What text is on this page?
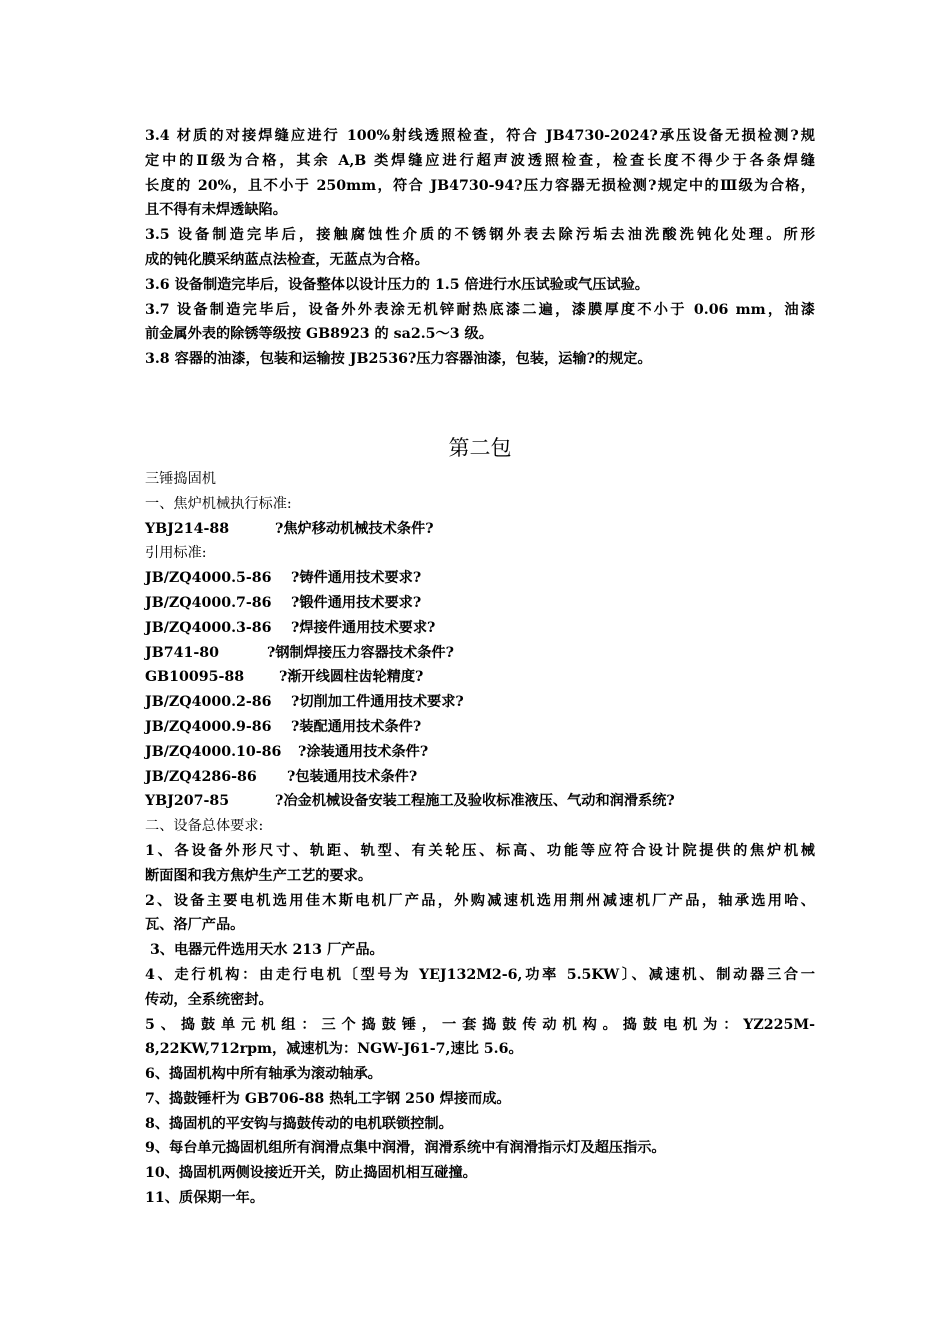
3.4 材质的对接焊缝应进行 100%射线透照检查，符合 JB4730-2024?承压设备无损检测?规

定中的Ⅱ级为合格，其余 A,B 类焊缝应进行超声波透照检查，检查长度不得少于各条焊缝

长度的 20%，且不小于 250mm，符合 JB4730-94?压力容器无损检测?规定中的Ⅲ级为合格，

且不得有未焊透缺陷。

3.5 设备制造完毕后，接触腐蚀性介质的不锈钢外表去除污垢去油洗酸洗钝化处理。所形

成的钝化膜采纳蓝点法检查，无蓝点为合格。

3.6 设备制造完毕后，设备整体以设计压力的 1.5 倍进行水压试验或气压试验。

3.7 设备制造完毕后，设备外外表涂无机锌耐热底漆二遍，漆膜厚度不小于 0.06 mm，油漆

前金属外表的除锈等级按 GB8923 的 sa2.5～3 级。

3.8 容器的油漆，包装和运输按 JB2536?压力容器油漆，包装，运输?的规定。

第二包

三锤捣固机

一、焦炉机械执行标准:

YBJ214-88	?焦炉移动机械技术条件?

引用标准:

JB/ZQ4000.5-86	?铸件通用技术要求?
JB/ZQ4000.7-86	?锻件通用技术要求?
JB/ZQ4000.3-86	?焊接件通用技术要求?
JB741-80	?钢制焊接压力容器技术条件?
GB10095-88	?渐开线圆柱齿轮精度?
JB/ZQ4000.2-86	?切削加工件通用技术要求?
JB/ZQ4000.9-86	?装配通用技术条件?
JB/ZQ4000.10-86	?涂装通用技术条件?
JB/ZQ4286-86	?包装通用技术条件?
YBJ207-85	?冶金机械设备安装工程施工及验收标准液压、气动和润滑系统?

二、设备总体要求:

1、各设备外形尺寸、轨距、轨型、有关轮压、标高、功能等应符合设计院提供的焦炉机械

断面图和我方焦炉生产工艺的要求。

2、设备主要电机选用佳木斯电机厂产品，外购减速机选用荆州减速机厂产品，轴承选用哈、

瓦、洛厂产品。

3、电器元件选用天水 213 厂产品。

4、走行机构：由走行电机〔型号为 YEJ132M2-6,功率 5.5KW〕、减速机、制动器三合一

传动，全系统密封。

5、捣鼓单元机组：三个捣鼓锤，一套捣鼓传动机构。捣鼓电机为：YZ225M-

8,22KW,712rpm，减速机为：NGW-J61-7,速比 5.6。

6、捣固机构中所有轴承为滚动轴承。

7、捣鼓锤杆为 GB706-88 热轧工字钢 250 焊接而成。

8、捣固机的平安钩与捣鼓传动的电机联锁控制。

9、每台单元捣固机组所有润滑点集中润滑，润滑系统中有润滑指示灯及超压指示。

10、捣固机两侧设接近开关，防止捣固机相互碰撞。

11、质保期一年。
